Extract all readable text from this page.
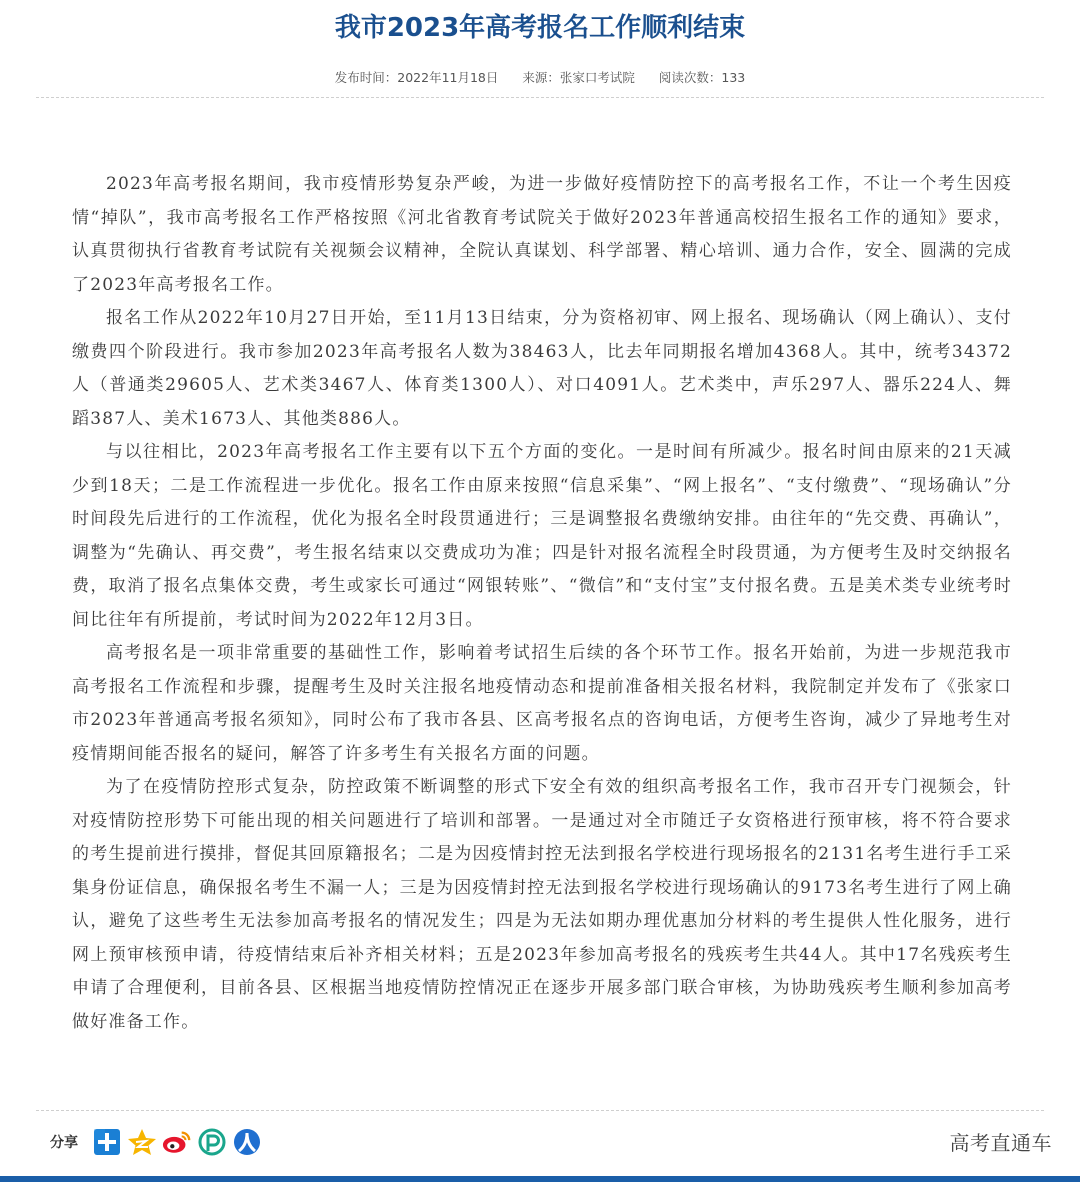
我市2023年高考报名工作顺利结束
发布时间：2022年11月18日 来源：张家口考试院 阅读次数：133

2023年高考报名期间，我市疫情形势复杂严峻，为进一步做好疫情防控下的高考报名工作，不让一个考生因疫情“掉队”，我市高考报名工作严格按照《河北省教育考试院关于做好2023年普通高校招生报名工作的通知》要求，认真贯彻执行省教育考试院有关视频会议精神，全院认真谋划、科学部署、精心培训、通力合作，安全、圆满的完成了2023年高考报名工作。

报名工作从2022年10月27日开始，至11月13日结束，分为资格初审、网上报名、现场确认（网上确认）、支付缴费四个阶段进行。我市参加2023年高考报名人数为38463人，比去年同期报名增加4368人。其中，统考34372人（普通类29605人、艺术类3467人、体育类1300人）、对口4091人。艺术类中，声乐297人、器乐224人、舞蹈387人、美术1673人、其他类886人。

与以往相比，2023年高考报名工作主要有以下五个方面的变化。一是时间有所减少。报名时间由原来的21天减少到18天；二是工作流程进一步优化。报名工作由原来按照“信息采集”、“网上报名”、“支付缴费”、“现场确认”分时间段先后进行的工作流程，优化为报名全时段贯通进行；三是调整报名费缴纳安排。由往年的“先交费、再确认”，调整为“先确认、再交费”，考生报名结束以交费成功为准；四是针对报名流程全时段贯通，为方便考生及时交纳报名费，取消了报名点集体交费，考生或家长可通过“网银转账”、“微信”和“支付宝”支付报名费。五是美术类专业统考时间比往年有所提前，考试时间为2022年12月3日。

高考报名是一项非常重要的基础性工作，影响着考试招生后续的各个环节工作。报名开始前，为进一步规范我市高考报名工作流程和步骤，提醒考生及时关注报名地疫情动态和提前准备相关报名材料，我院制定并发布了《张家口市2023年普通高考报名须知》，同时公布了我市各县、区高考报名点的咨询电话，方便考生咨询，减少了异地考生对疫情期间能否报名的疑问，解答了许多考生有关报名方面的问题。

为了在疫情防控形式复杂，防控政策不断调整的形式下安全有效的组织高考报名工作，我市召开专门视频会，针对疫情防控形势下可能出现的相关问题进行了培训和部署。一是通过对全市随迁子女资格进行预审核，将不符合要求的考生提前进行摸排，督促其回原籍报名；二是为因疫情封控无法到报名学校进行现场报名的2131名考生进行手工采集身份证信息，确保报名考生不漏一人；三是为因疫情封控无法到报名学校进行现场确认的9173名考生进行了网上确认，避免了这些考生无法参加高考报名的情况发生；四是为无法如期办理优惠加分材料的考生提供人性化服务，进行网上预审核预申请，待疫情结束后补齐相关材料；五是2023年参加高考报名的残疾考生共44人。其中17名残疾考生申请了合理便利，目前各县、区根据当地疫情防控情况正在逐步开展多部门联合审核，为协助残疾考生顺利参加高考做好准备工作。

分享	高考直通车
